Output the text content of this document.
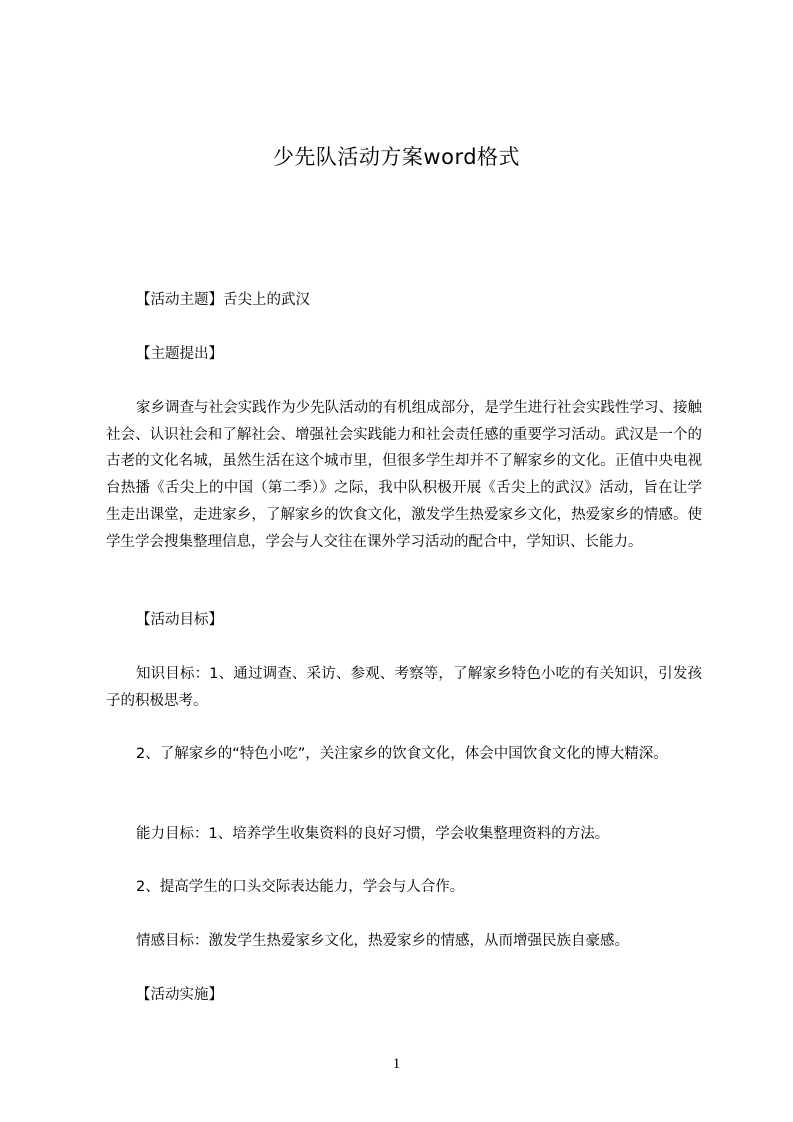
少先队活动方案word格式
【活动主题】舌尖上的武汉
【主题提出】
家乡调查与社会实践作为少先队活动的有机组成部分，是学生进行社会实践性学习、接触社会、认识社会和了解社会、增强社会实践能力和社会责任感的重要学习活动。武汉是一个的古老的文化名城，虽然生活在这个城市里，但很多学生却并不了解家乡的文化。正值中央电视台热播《舌尖上的中国（第二季）》之际，我中队积极开展《舌尖上的武汉》活动，旨在让学生走出课堂，走进家乡，了解家乡的饮食文化，激发学生热爱家乡文化，热爱家乡的情感。使学生学会搜集整理信息，学会与人交往在课外学习活动的配合中，学知识、长能力。
【活动目标】
知识目标：1、通过调查、采访、参观、考察等，了解家乡特色小吃的有关知识，引发孩子的积极思考。
2、了解家乡的“特色小吃”，关注家乡的饮食文化，体会中国饮食文化的博大精深。
能力目标：1、培养学生收集资料的良好习惯，学会收集整理资料的方法。
2、提高学生的口头交际表达能力，学会与人合作。
情感目标：激发学生热爱家乡文化，热爱家乡的情感，从而增强民族自豪感。
【活动实施】
1
